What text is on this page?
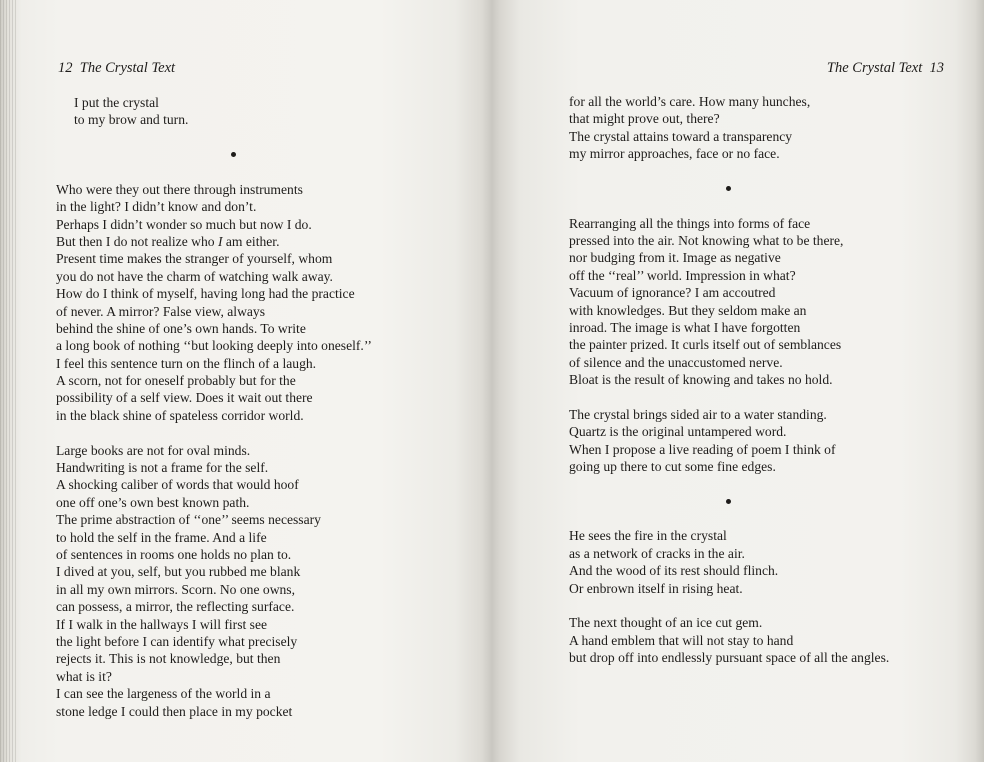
12 The Crystal Text

I put the crystal
to my brow and turn.
Who were they out there through instruments
in the light? I didn’t know and don’t.
Perhaps I didn’t wonder so much but now I do.
But then I do not realize who I am either.
Present time makes the stranger of yourself, whom
you do not have the charm of watching walk away.
How do I think of myself, having long had the practice
of never. A mirror? False view, always
behind the shine of one’s own hands. To write
a long book of nothing ‘‘but looking deeply into oneself.’’
I feel this sentence turn on the flinch of a laugh.
A scorn, not for oneself probably but for the
possibility of a self view. Does it wait out there
in the black shine of spateless corridor world.
Large books are not for oval minds.
Handwriting is not a frame for the self.
A shocking caliber of words that would hoof
one off one’s own best known path.
The prime abstraction of ‘‘one’’ seems necessary
to hold the self in the frame. And a life
of sentences in rooms one holds no plan to.
I dived at you, self, but you rubbed me blank
in all my own mirrors. Scorn. No one owns,
can possess, a mirror, the reflecting surface.
If I walk in the hallways I will first see
the light before I can identify what precisely
rejects it. This is not knowledge, but then
what is it?
I can see the largeness of the world in a
stone ledge I could then place in my pocket

The Crystal Text 13

for all the world’s care. How many hunches,
that might prove out, there?
The crystal attains toward a transparency
my mirror approaches, face or no face.
Rearranging all the things into forms of face
pressed into the air. Not knowing what to be there,
nor budging from it. Image as negative
off the ‘‘real’’ world. Impression in what?
Vacuum of ignorance? I am accoutred
with knowledges. But they seldom make an
inroad. The image is what I have forgotten
the painter prized. It curls itself out of semblances
of silence and the unaccustomed nerve.
Bloat is the result of knowing and takes no hold.
The crystal brings sided air to a water standing.
Quartz is the original untampered word.
When I propose a live reading of poem I think of
going up there to cut some fine edges.
He sees the fire in the crystal
as a network of cracks in the air.
And the wood of its rest should flinch.
Or enbrown itself in rising heat.
The next thought of an ice cut gem.
A hand emblem that will not stay to hand
but drop off into endlessly pursuant space of all the angles.
